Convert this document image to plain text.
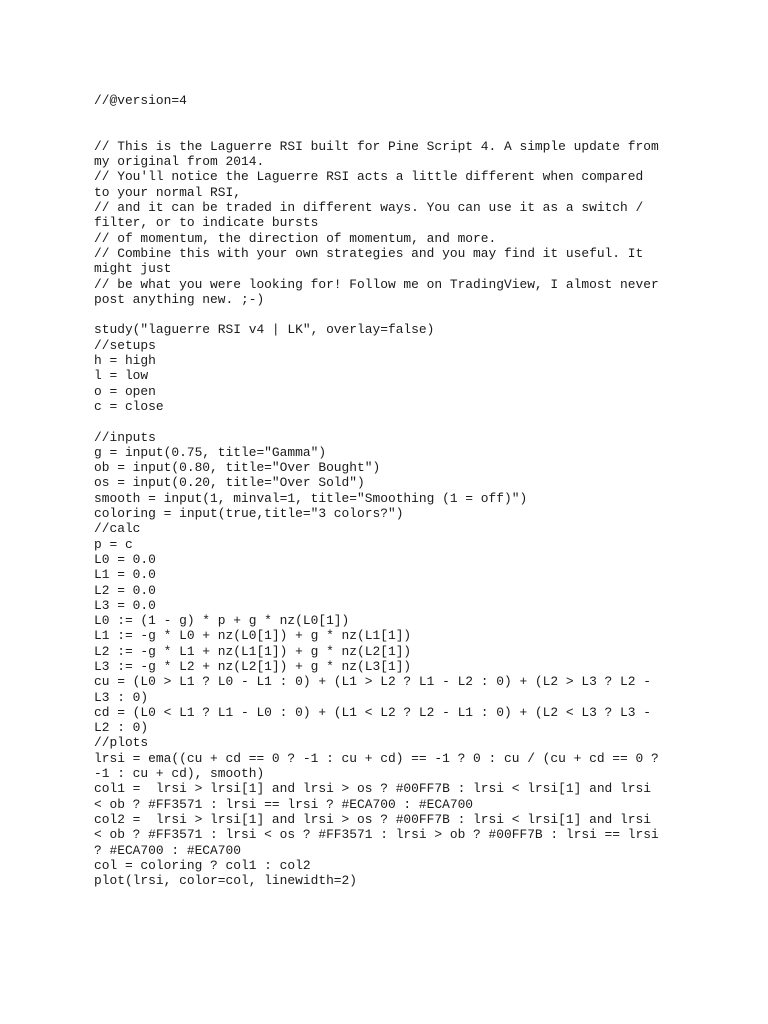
//@version=4
// This is the Laguerre RSI built for Pine Script 4. A simple update from
my original from 2014.
// You'll notice the Laguerre RSI acts a little different when compared
to your normal RSI,
// and it can be traded in different ways. You can use it as a switch /
filter, or to indicate bursts
// of momentum, the direction of momentum, and more.
// Combine this with your own strategies and you may find it useful. It
might just
// be what you were looking for! Follow me on TradingView, I almost never
post anything new. ;-)
study("laguerre RSI v4 | LK", overlay=false)
//setups
h = high
l = low
o = open
c = close
//inputs
g = input(0.75, title="Gamma")
ob = input(0.80, title="Over Bought")
os = input(0.20, title="Over Sold")
smooth = input(1, minval=1, title="Smoothing (1 = off)")
coloring = input(true,title="3 colors?")
//calc
p = c
L0 = 0.0
L1 = 0.0
L2 = 0.0
L3 = 0.0
L0 := (1 - g) * p + g * nz(L0[1])
L1 := -g * L0 + nz(L0[1]) + g * nz(L1[1])
L2 := -g * L1 + nz(L1[1]) + g * nz(L2[1])
L3 := -g * L2 + nz(L2[1]) + g * nz(L3[1])
cu = (L0 > L1 ? L0 - L1 : 0) + (L1 > L2 ? L1 - L2 : 0) + (L2 > L3 ? L2 -
L3 : 0)
cd = (L0 < L1 ? L1 - L0 : 0) + (L1 < L2 ? L2 - L1 : 0) + (L2 < L3 ? L3 -
L2 : 0)
//plots
lrsi = ema((cu + cd == 0 ? -1 : cu + cd) == -1 ? 0 : cu / (cu + cd == 0 ?
-1 : cu + cd), smooth)
col1 =  lrsi > lrsi[1] and lrsi > os ? #00FF7B : lrsi < lrsi[1] and lrsi
< ob ? #FF3571 : lrsi == lrsi ? #ECA700 : #ECA700
col2 =  lrsi > lrsi[1] and lrsi > os ? #00FF7B : lrsi < lrsi[1] and lrsi
< ob ? #FF3571 : lrsi < os ? #FF3571 : lrsi > ob ? #00FF7B : lrsi == lrsi
? #ECA700 : #ECA700
col = coloring ? col1 : col2
plot(lrsi, color=col, linewidth=2)
